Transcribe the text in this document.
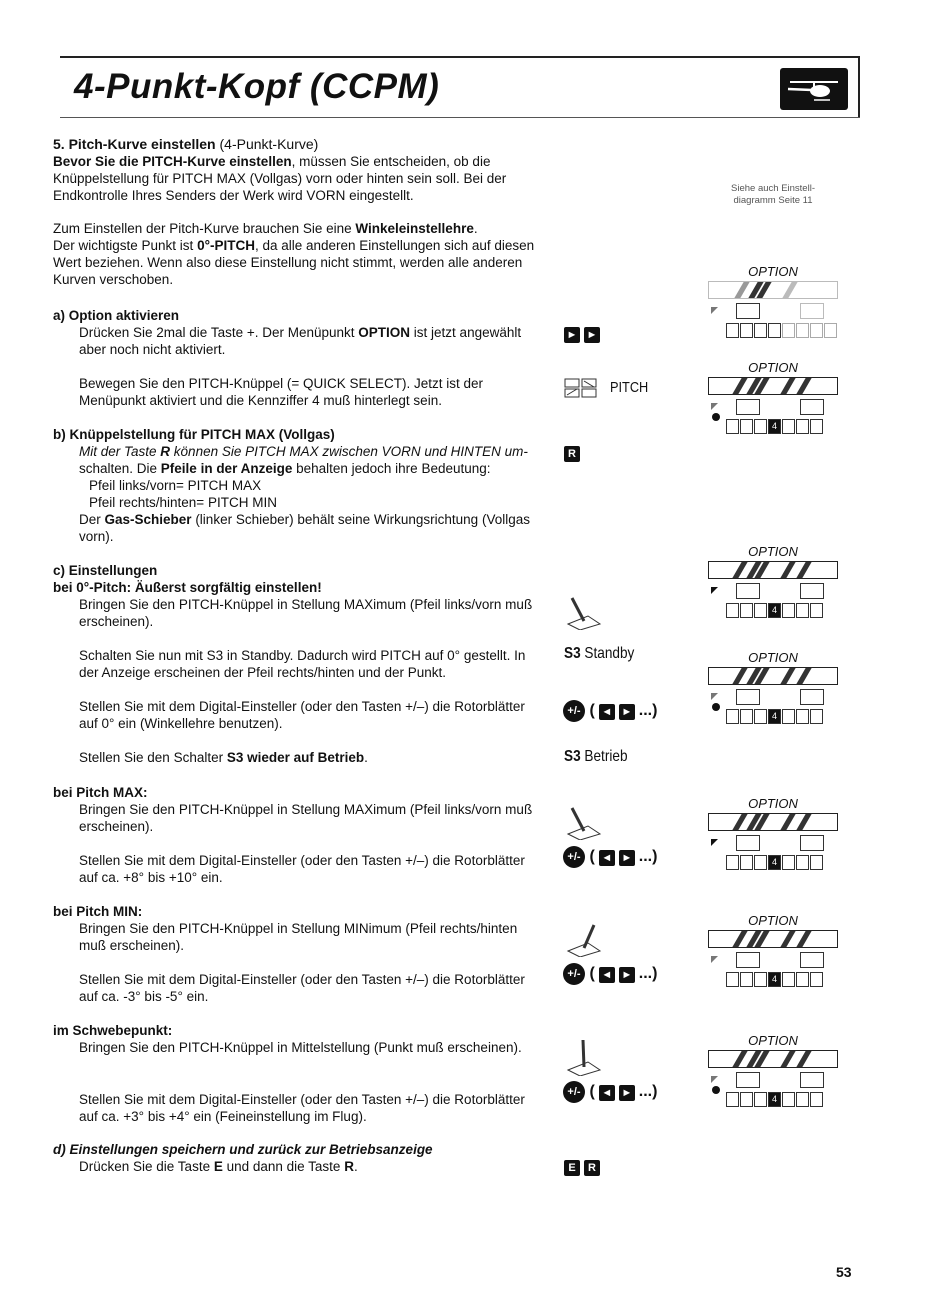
4-Punkt-Kopf (CCPM)
Siehe auch Einstell-
diagramm Seite 11

5. Pitch-Kurve einstellen (4-Punkt-Kurve)

Bevor Sie die PITCH-Kurve einstellen, müssen Sie entscheiden, ob die Knüppelstellung für PITCH MAX (Vollgas) vorn oder hinten sein soll. Bei der Endkontrolle Ihres Senders der Werk wird VORN eingestellt.

Zum Einstellen der Pitch-Kurve brauchen Sie eine Winkeleinstellehre.

Der wichtigste Punkt ist 0°-PITCH, da alle anderen Einstellungen sich auf diesen Wert beziehen. Wenn also diese Einstellung nicht stimmt, werden alle anderen Kurven verschoben.

a) Option aktivieren

Drücken Sie 2mal die Taste +. Der Menüpunkt OPTION ist jetzt angewählt aber noch nicht aktiviert.

Bewegen Sie den PITCH-Knüppel (= QUICK SELECT). Jetzt ist der Menüpunkt aktiviert und die Kennziffer 4 muß hinterlegt sein.

b) Knüppelstellung für PITCH MAX (Vollgas)

Mit der Taste R können Sie PITCH MAX zwischen VORN und HINTEN um-

schalten. Die Pfeile in der Anzeige behalten jedoch ihre Bedeutung:

Pfeil links/vorn= PITCH MAX

Pfeil rechts/hinten= PITCH MIN

Der Gas-Schieber (linker Schieber) behält seine Wirkungsrichtung (Vollgas vorn).

c) Einstellungen

bei 0°-Pitch: Äußerst sorgfältig einstellen!

Bringen Sie den PITCH-Knüppel in Stellung MAXimum (Pfeil links/vorn muß erscheinen).

Schalten Sie nun mit S3 in Standby. Dadurch wird PITCH auf 0° gestellt. In der Anzeige erscheinen der Pfeil rechts/hinten und der Punkt.
Stellen Sie mit dem Digital-Einsteller (oder den Tasten +/–) die Rotorblätter auf 0° ein (Winkellehre benutzen).
Stellen Sie den Schalter S3 wieder auf Betrieb.

bei Pitch MAX:

Bringen Sie den PITCH-Knüppel in Stellung MAXimum (Pfeil links/vorn muß erscheinen).

Stellen Sie mit dem Digital-Einsteller (oder den Tasten +/–) die Rotorblätter auf ca. +8° bis +10° ein.

bei Pitch MIN:

Bringen Sie den PITCH-Knüppel in Stellung MINimum (Pfeil rechts/hinten muß erscheinen).

Stellen Sie mit dem Digital-Einsteller (oder den Tasten +/–) die Rotorblätter auf ca. -3° bis -5° ein.

im Schwebepunkt:

Bringen Sie den PITCH-Knüppel in Mittelstellung (Punkt muß erscheinen).

Stellen Sie mit dem Digital-Einsteller (oder den Tasten +/–) die Rotorblätter auf ca. +3° bis +4° ein (Feineinstellung im Flug).

d) Einstellungen speichern und zurück zur Betriebsanzeige

Drücken Sie die Taste E und dann die Taste R.

► ►
PITCH
R
S3 Standby
S3 Betrieb
+/- ( ◄ ► ...)
+/- ( ◄ ► ...)
+/- ( ◄ ► ...)
+/- ( ◄ ► ...)
E R
OPTION
OPTION
4
OPTION
4
OPTION
4
OPTION
4
OPTION
4
OPTION
4
53
